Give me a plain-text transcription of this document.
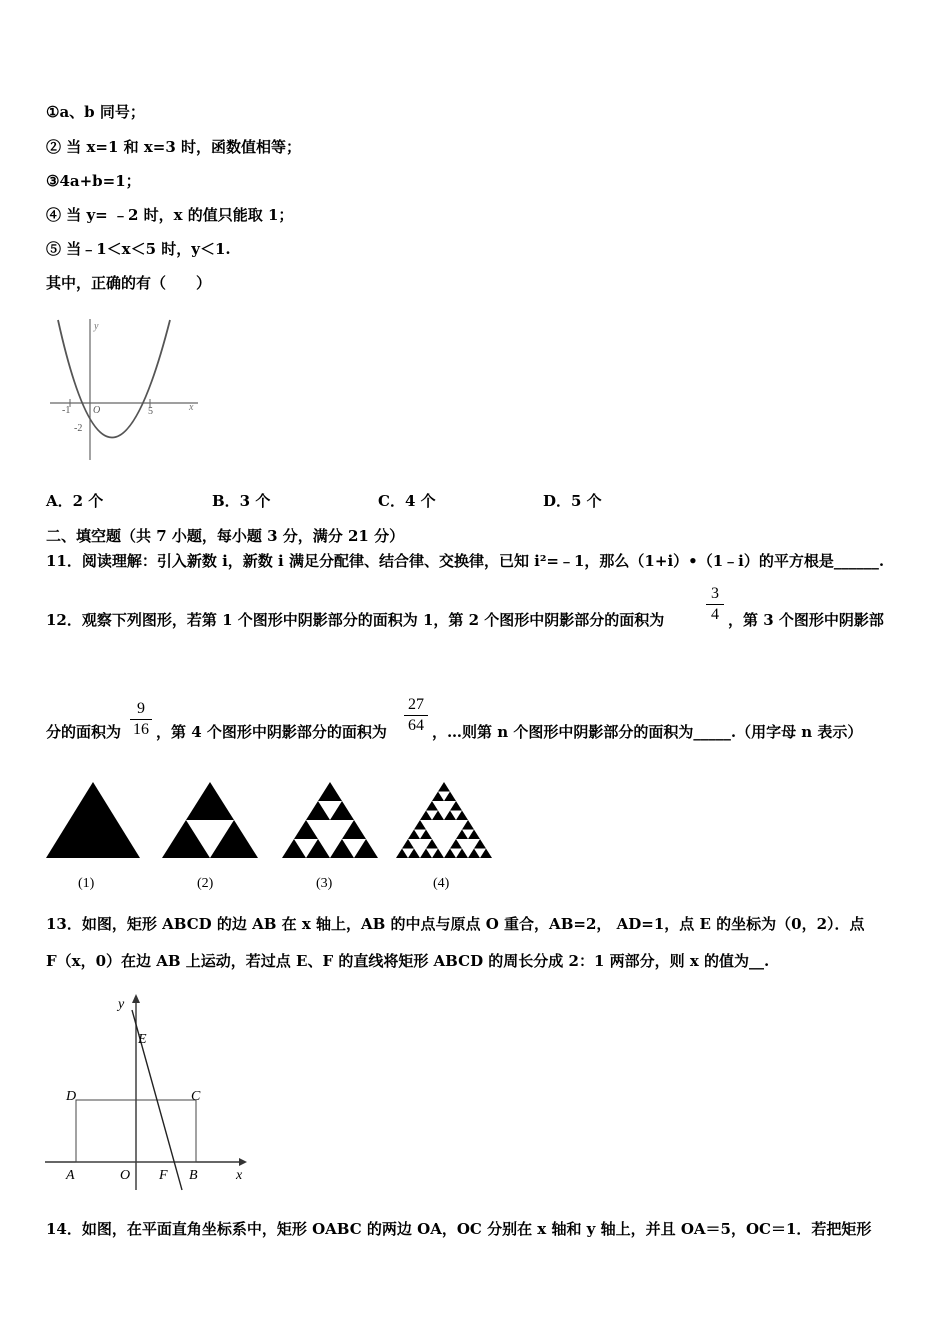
①a、b 同号；
② 当 x=1 和 x=3 时，函数值相等；
③4a+b=1；
④ 当 y= ﹣2 时，x 的值只能取 1；
⑤ 当﹣1＜x＜5 时，y＜1.
其中，正确的有（　　）
y
x
O
-1	5
-2
A．2 个	B．3 个	C．4 个	D．5 个
二、填空题（共 7 小题，每小题 3 分，满分 21 分）
11．阅读理解：引入新数 i，新数 i 满足分配律、结合律、交换律，已知 i²=﹣1，那么（1+i）•（1﹣i）的平方根是______.
12．观察下列图形，若第 1 个图形中阴影部分的面积为 1，第 2 个图形中阴影部分的面积为
3
4 ，第 3 个图形中阴影部
分的面积为
9
16 ，第 4 个图形中阴影部分的面积为
27
64 ，…则第 n 个图形中阴影部分的面积为_____.（用字母 n 表示）
(1)	(2)	(3)	(4)
13．如图，矩形 ABCD 的边 AB 在 x 轴上，AB 的中点与原点 O 重合，AB=2， AD=1，点 E 的坐标为（0，2）．点
F（x，0）在边 AB 上运动，若过点 E、F 的直线将矩形 ABCD 的周长分成 2：1 两部分，则 x 的值为__.
y
E
D	C
A	O F B	x
14．如图，在平面直角坐标系中，矩形 OABC 的两边 OA，OC 分别在 x 轴和 y 轴上，并且 OA＝5，OC＝1．若把矩形
